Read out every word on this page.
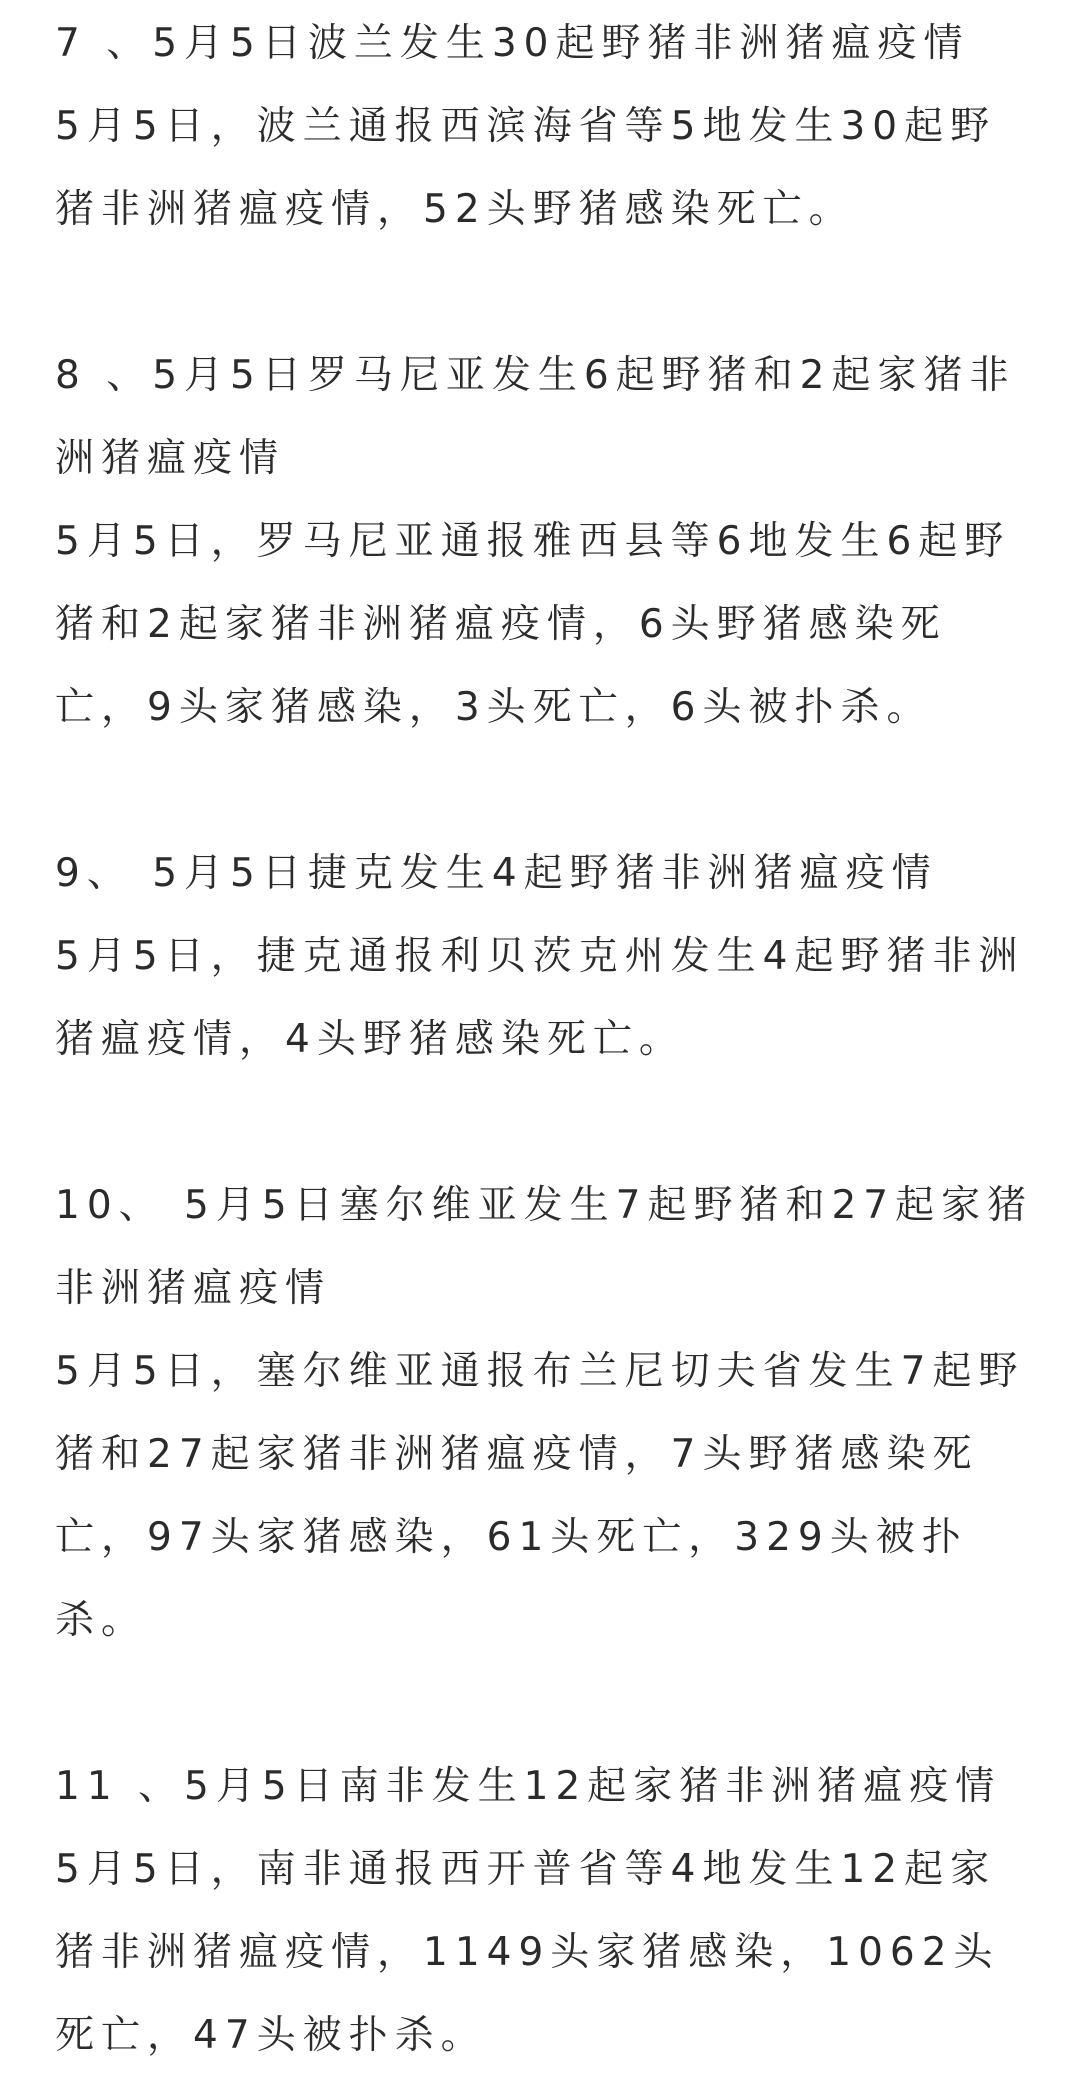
7 、5月5日波兰发生30起野猪非洲猪瘟疫情

5月5日，波兰通报西滨海省等5地发生30起野猪非洲猪瘟疫情，52头野猪感染死亡。

8 、5月5日罗马尼亚发生6起野猪和2起家猪非洲猪瘟疫情

5月5日，罗马尼亚通报雅西县等6地发生6起野猪和2起家猪非洲猪瘟疫情，6头野猪感染死亡，9头家猪感染，3头死亡，6头被扑杀。

9、 5月5日捷克发生4起野猪非洲猪瘟疫情

5月5日，捷克通报利贝茨克州发生4起野猪非洲猪瘟疫情，4头野猪感染死亡。

10、 5月5日塞尔维亚发生7起野猪和27起家猪非洲猪瘟疫情

5月5日，塞尔维亚通报布兰尼切夫省发生7起野猪和27起家猪非洲猪瘟疫情，7头野猪感染死亡，97头家猪感染，61头死亡，329头被扑杀。

11 、5月5日南非发生12起家猪非洲猪瘟疫情

5月5日，南非通报西开普省等4地发生12起家猪非洲猪瘟疫情，1149头家猪感染，1062头死亡，47头被扑杀。
